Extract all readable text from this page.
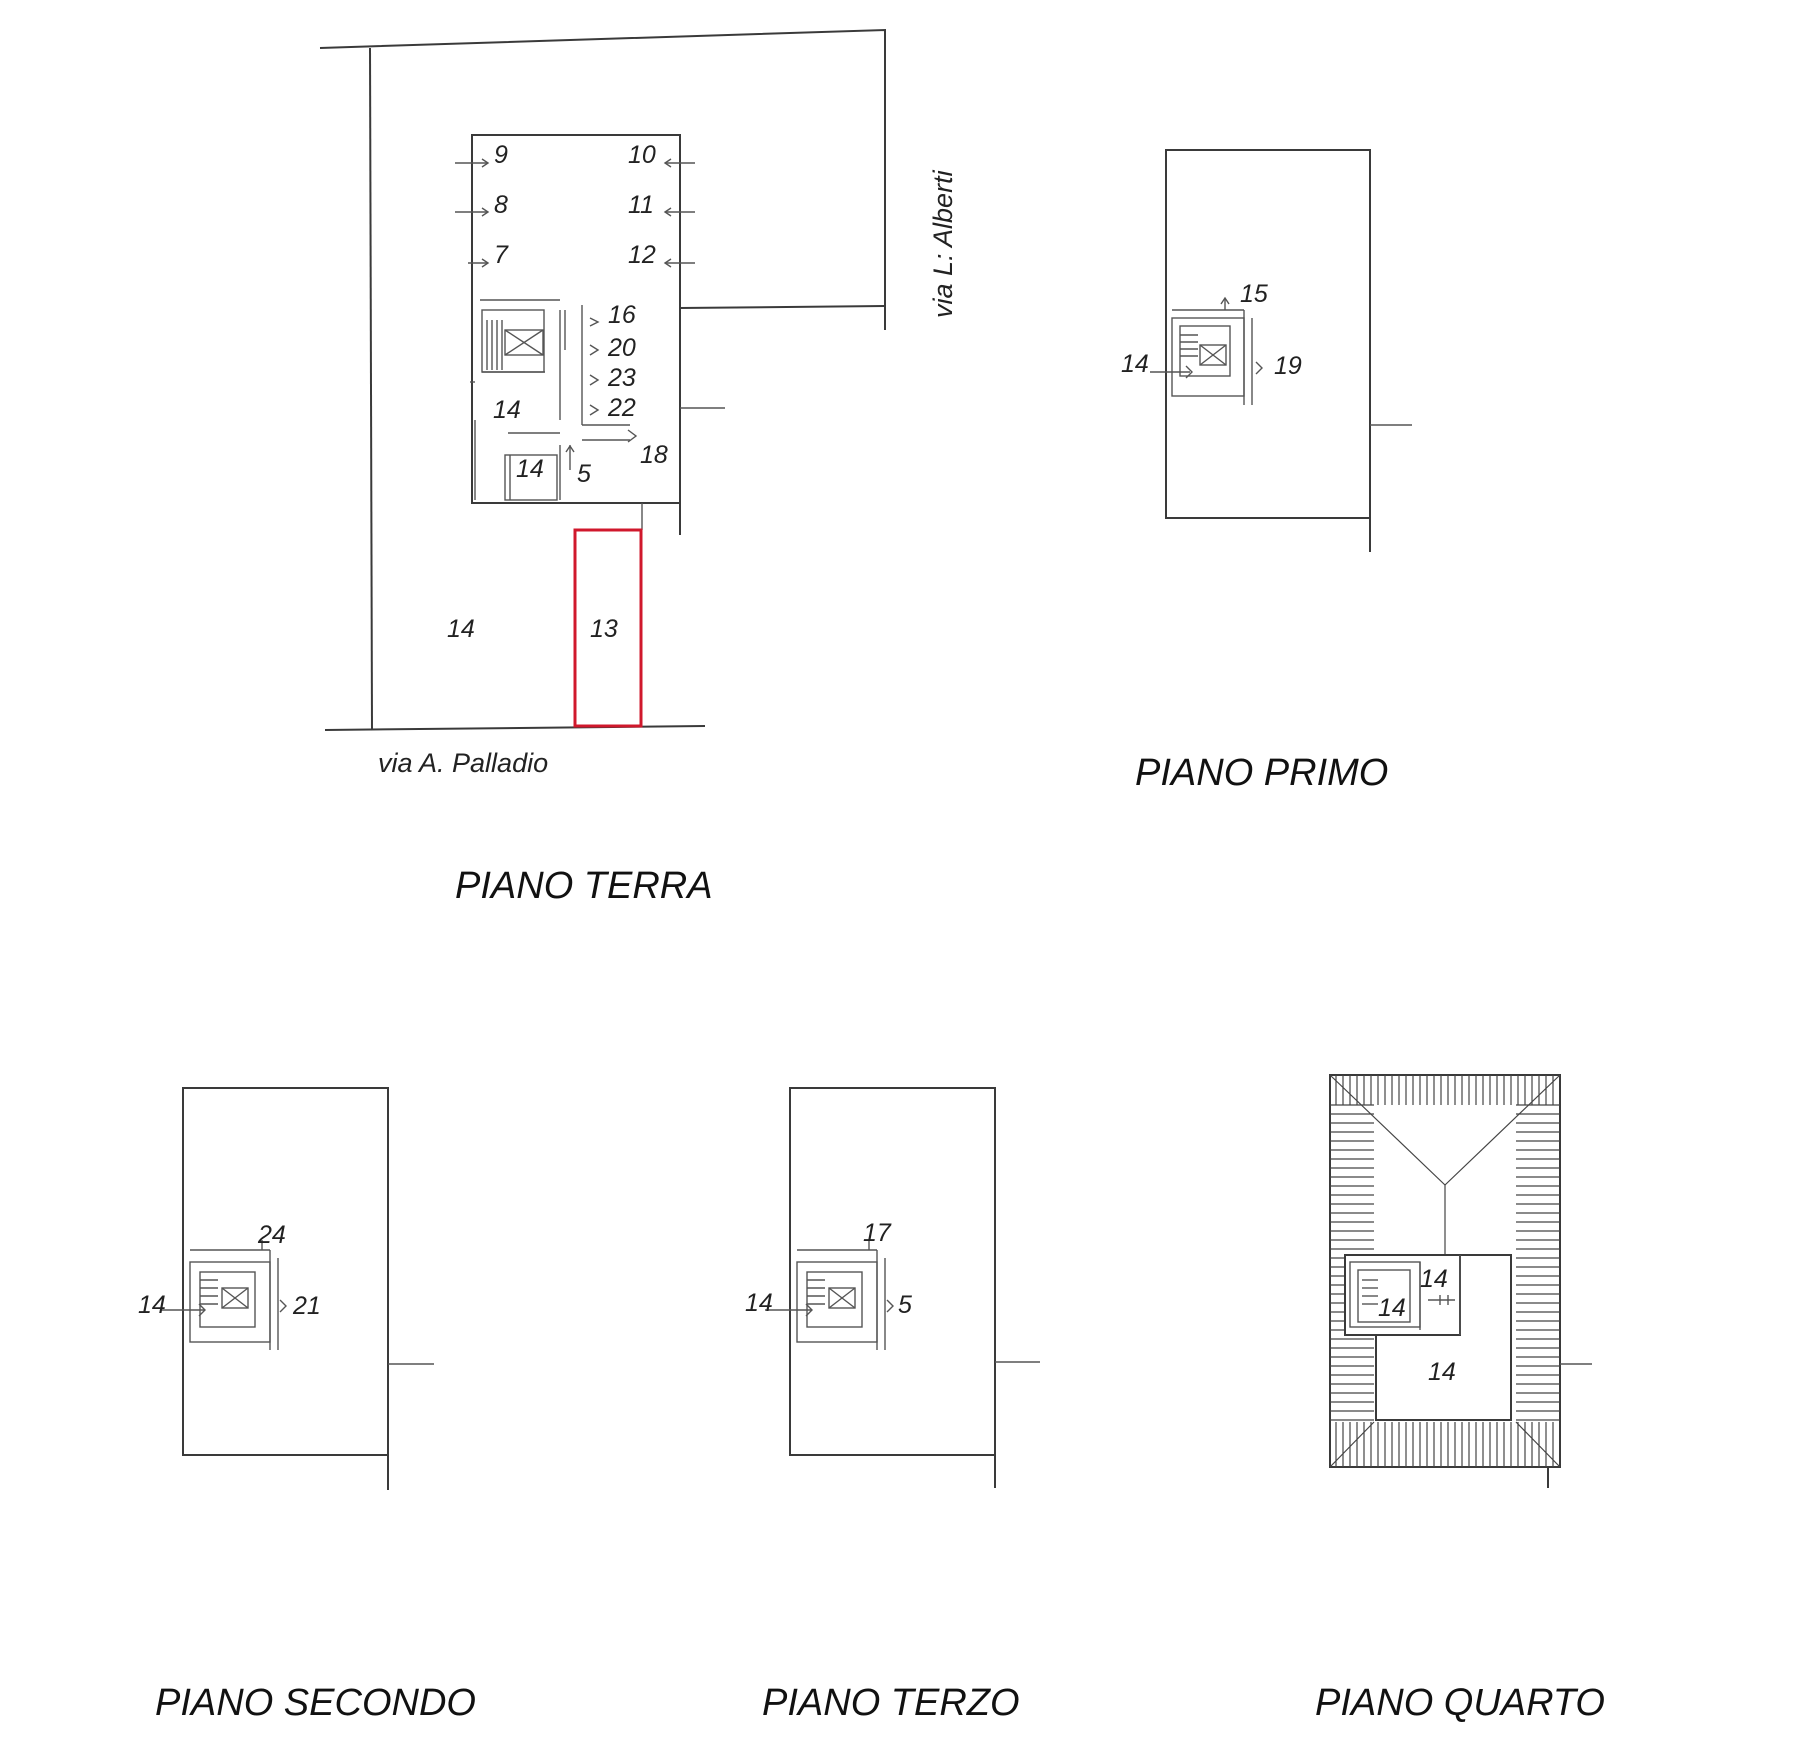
9	10
8	11
7	12
16
20
23
22
14
18
14 5
14	13
via A. Palladio
via L: Alberti
PIANO TERRA
15
14	19
PIANO PRIMO
24
14	21
PIANO SECONDO
17
14	5
PIANO TERZO
14
14
14
PIANO QUARTO
